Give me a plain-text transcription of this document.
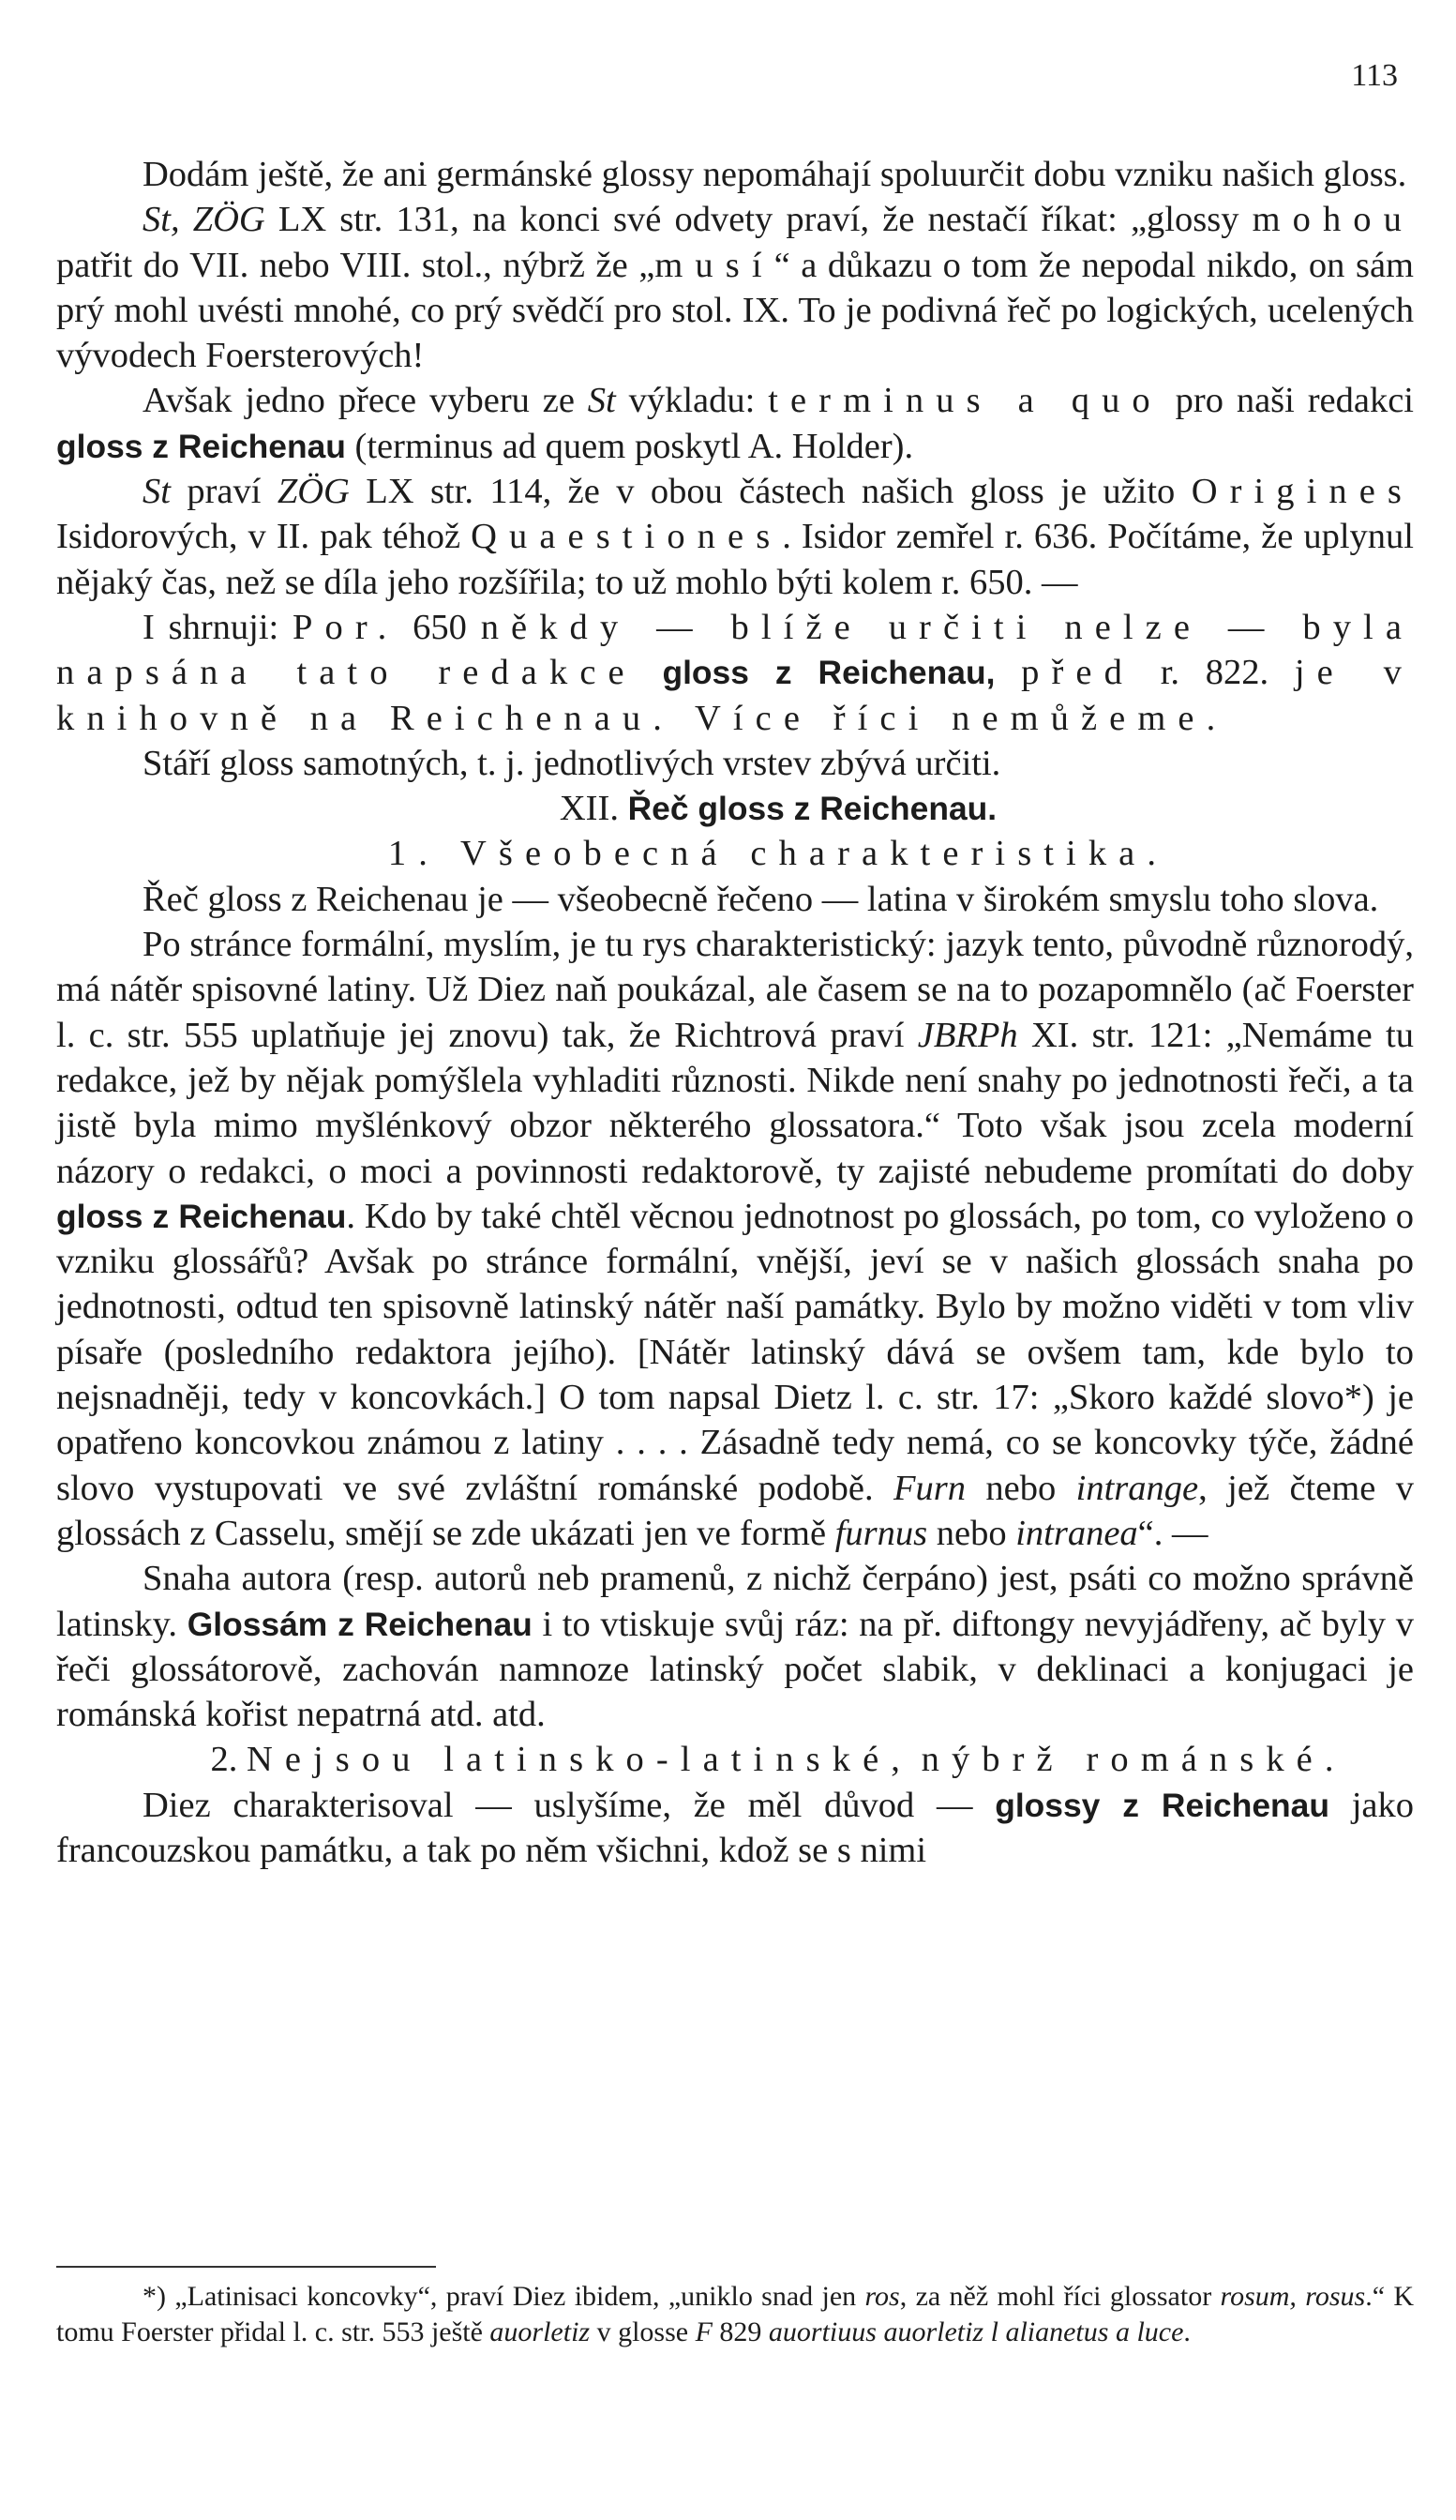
113

Dodám ještě, že ani germánské glossy nepomáhají spoluurčit dobu vzniku našich gloss.

St, ZÖG LX str. 131, na konci své odvety praví, že nestačí říkat: „glossy mohou patřit do VII. nebo VIII. stol., nýbrž že „musí“ a důkazu o tom že nepodal nikdo, on sám prý mohl uvésti mnohé, co prý svědčí pro stol. IX. To je podivná řeč po logických, ucelených vývodech Foersterových!

Avšak jedno přece vyberu ze St výkladu: terminus a quo pro naši redakci gloss z Reichenau (terminus ad quem poskytl A. Holder).

St praví ZÖG LX str. 114, že v obou částech našich gloss je užito Origines Isidorových, v II. pak téhož Quaestiones. Isidor zemřel r. 636. Počítáme, že uplynul nějaký čas, než se díla jeho rozšířila; to už mohlo býti kolem r. 650. —

I shrnuji: Por. 650 někdy — blíže určiti nelze — byla napsána tato redakce gloss z Reichenau, před r. 822. je v knihovně na Reichenau. Více říci nemůžeme.

Stáří gloss samotných, t. j. jednotlivých vrstev zbývá určiti.

XII. Řeč gloss z Reichenau.

1. Všeobecná charakteristika.

Řeč gloss z Reichenau je — všeobecně řečeno — latina v širokém smyslu toho slova.

Po stránce formální, myslím, je tu rys charakteristický: jazyk tento, původně různorodý, má nátěr spisovné latiny. Už Diez naň poukázal, ale časem se na to pozapomnělo (ač Foerster l. c. str. 555 uplatňuje jej znovu) tak, že Richtrová praví JBRPh XI. str. 121: „Nemáme tu redakce, jež by nějak pomýšlela vyhladiti různosti. Nikde není snahy po jednotnosti řeči, a ta jistě byla mimo myšlénkový obzor některého glossatora.“ Toto však jsou zcela moderní názory o redakci, o moci a povinnosti redaktorově, ty zajisté nebudeme promítati do doby gloss z Reichenau. Kdo by také chtěl věcnou jednotnost po glossách, po tom, co vyloženo o vzniku glossářů? Avšak po stránce formální, vnější, jeví se v našich glossách snaha po jednotnosti, odtud ten spisovně latinský nátěr naší památky. Bylo by možno viděti v tom vliv písaře (posledního redaktora jejího). [Nátěr latinský dává se ovšem tam, kde bylo to nejsnadněji, tedy v koncovkách.] O tom napsal Dietz l. c. str. 17: „Skoro každé slovo*) je opatřeno koncovkou známou z latiny . . . . Zásadně tedy nemá, co se koncovky týče, žádné slovo vystupovati ve své zvláštní románské podobě. Furn nebo intrange, jež čteme v glossách z Casselu, smějí se zde ukázati jen ve formě furnus nebo intranea“. —

Snaha autora (resp. autorů neb pramenů, z nichž čerpáno) jest, psáti co možno správně latinsky. Glossám z Reichenau i to vtiskuje svůj ráz: na př. diftongy nevyjádřeny, ač byly v řeči glossátorově, zachován namnoze latinský počet slabik, v deklinaci a konjugaci je románská kořist nepatrná atd. atd.

2. Nejsou latinsko-latinské, nýbrž románské.

Diez charakterisoval — uslyšíme, že měl důvod — glossy z Reichenau jako francouzskou památku, a tak po něm všichni, kdož se s nimi

*) „Latinisaci koncovky“, praví Diez ibidem, „uniklo snad jen ros, za něž mohl říci glossator rosum, rosus.“ K tomu Foerster přidal l. c. str. 553 ještě auorletiz v glosse F 829 auortiuus auorletiz l alianetus a luce.
